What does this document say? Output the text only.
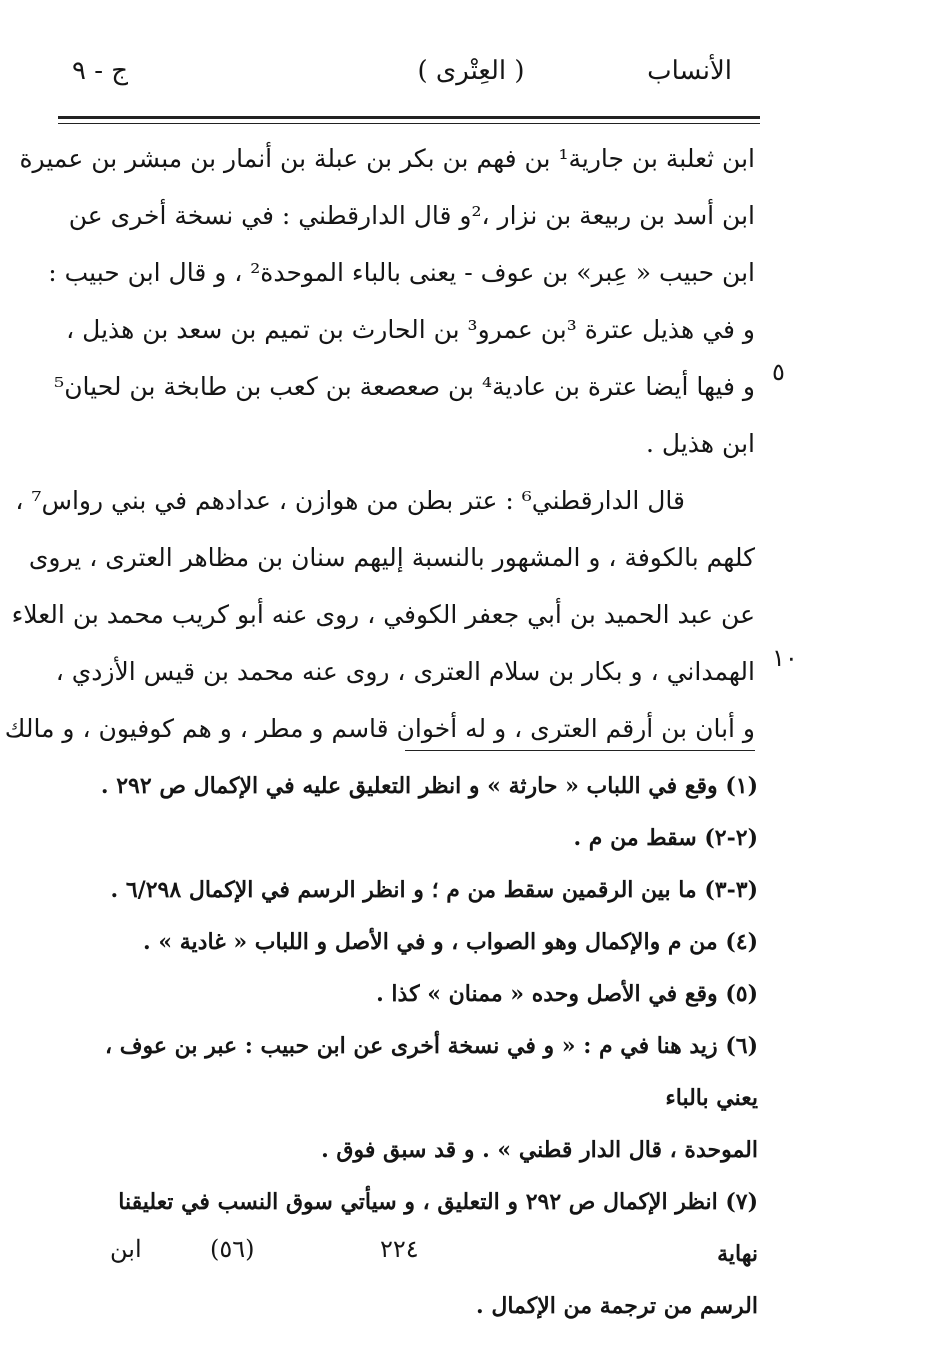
الأنساب
( العِتْرى )
ج - ٩
ابن ثعلبة بن جارية¹ بن فهم بن بكر بن عبلة بن أنمار بن مبشر بن عميرة
ابن أسد بن ربيعة بن نزار ،²و قال الدارقطني : في نسخة أخرى عن
ابن حبيب « عِبر» بن عوف - يعنى بالباء الموحدة² ، و قال ابن حبيب :
و في هذيل عترة ³بن عمرو³ بن الحارث بن تميم بن سعد بن هذيل ،
و فيها أيضا عترة بن عادية⁴ بن صعصعة بن كعب بن طابخة بن لحيان⁵
ابن هذيل .
قال الدارقطني⁶ : عتر بطن من هوازن ، عدادهم في بني رواس⁷ ،
كلهم بالكوفة ، و المشهور بالنسبة إليهم سنان بن مظاهر العترى ، يروى
عن عبد الحميد بن أبي جعفر الكوفي ، روى عنه أبو كريب محمد بن العلاء
الهمداني ، و بكار بن سلام العترى ، روى عنه محمد بن قيس الأزدي ،
و أبان بن أرقم العترى ، و له أخوان قاسم و مطر ، و هم كوفيون ، و مالك
٥
١٠
(١) وقع في اللباب « حارثة » و انظر التعليق عليه في الإكمال ص ٢٩٢ .
(٢-٢) سقط من م .
(٣-٣) ما بين الرقمين سقط من م ؛ و انظر الرسم في الإكمال ٦/٢٩٨ .
(٤) من م والإكمال وهو الصواب ، و في الأصل و اللباب « غادية » .
(٥) وقع في الأصل وحده « ممنان » كذا .
(٦) زيد هنا في م : « و في نسخة أخرى عن ابن حبيب : عبر بن عوف ، يعني بالباء
الموحدة ، قال الدار قطني » . و قد سبق فوق .
(٧) انظر الإكمال ص ٢٩٢ و التعليق ، و سيأتي سوق النسب في تعليقنا نهاية
الرسم من ترجمة من الإكمال .
٢٢٤
(٥٦)
ابن
